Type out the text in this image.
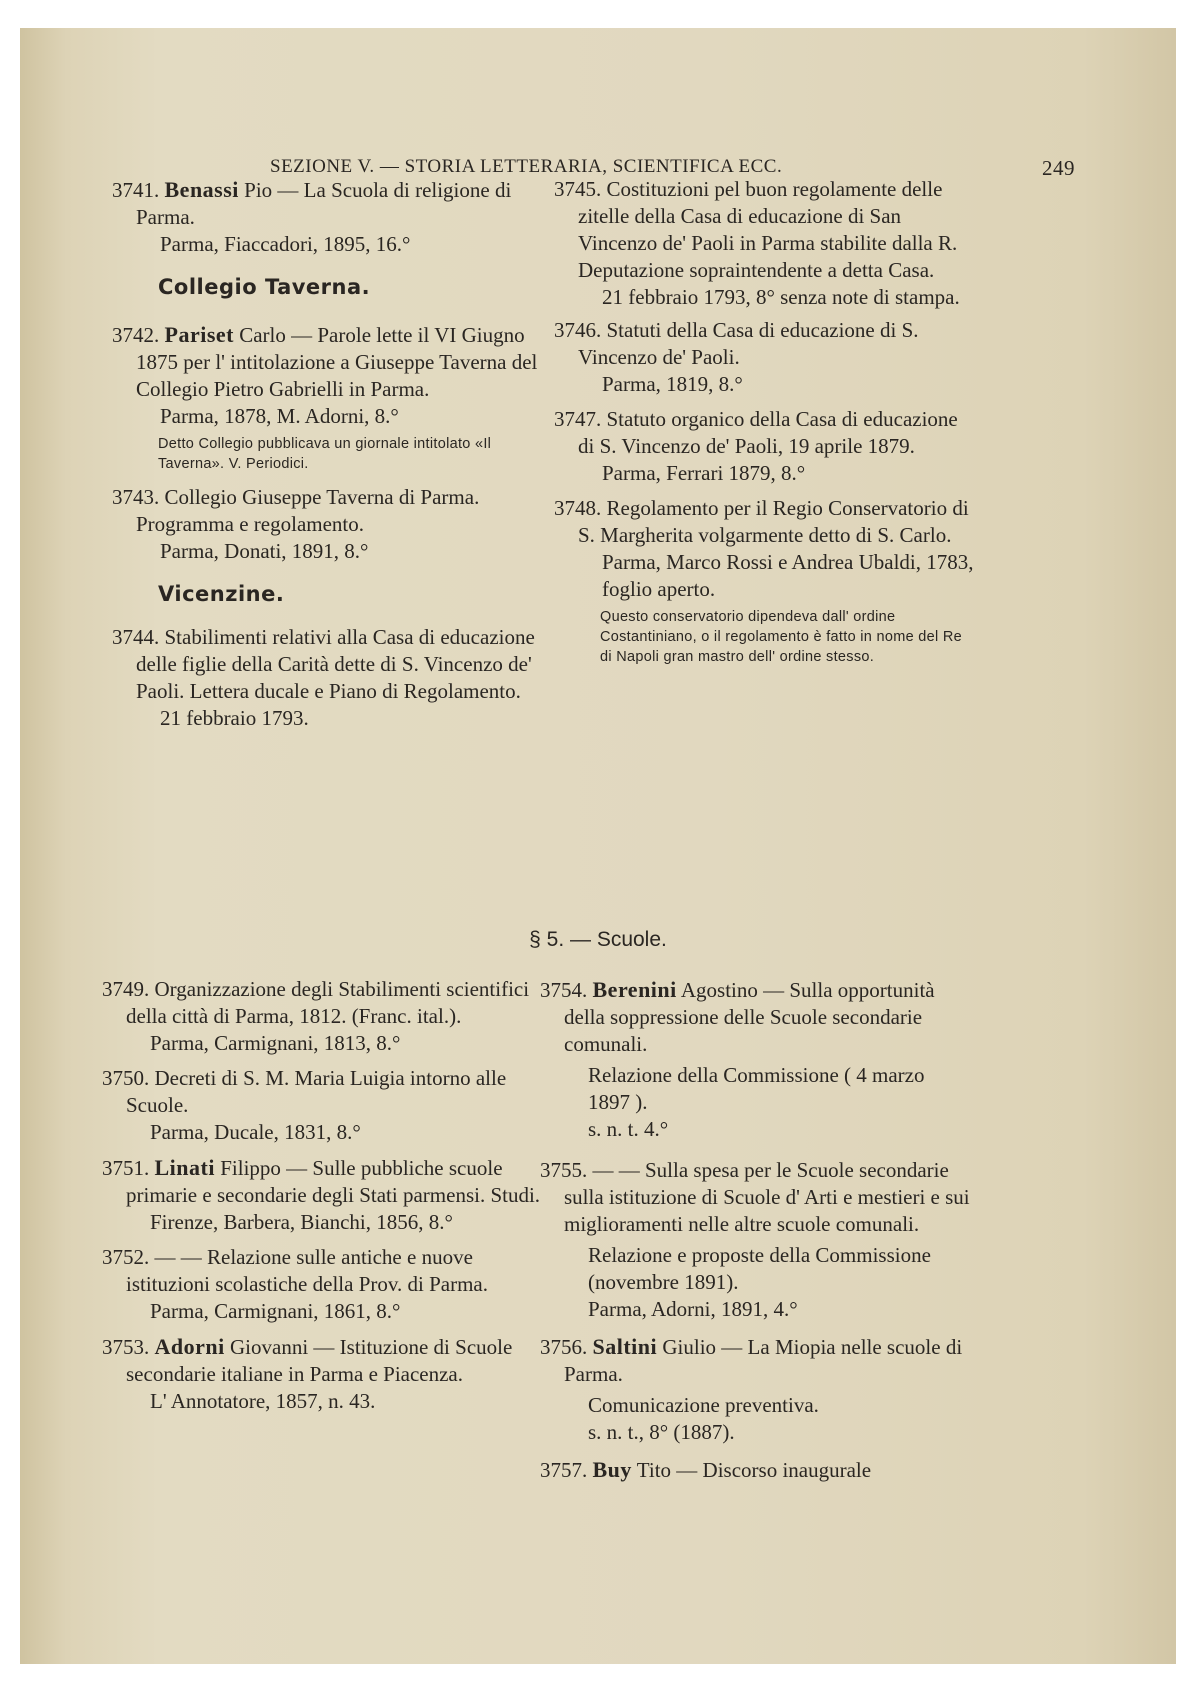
SEZIONE V. — STORIA LETTERARIA, SCIENTIFICA ECC.	249
3741. Benassi Pio — La Scuola di religione di Parma.
Parma, Fiaccadori, 1895, 16.°
Collegio Taverna.
3742. Pariset Carlo — Parole lette il VI Giugno 1875 per l' intitolazione a Giuseppe Taverna del Collegio Pietro Gabrielli in Parma.
Parma, 1878, M. Adorni, 8.°
Detto Collegio pubblicava un giornale intitolato «Il Taverna». V. Periodici.
3743. Collegio Giuseppe Taverna di Parma. Programma e regolamento.
Parma, Donati, 1891, 8.°
Vicenzine.
3744. Stabilimenti relativi alla Casa di educazione delle figlie della Carità dette di S. Vincenzo de' Paoli. Lettera ducale e Piano di Regolamento.
21 febbraio 1793.
3745. Costituzioni pel buon regolamente delle zitelle della Casa di educazione di San Vincenzo de' Paoli in Parma stabilite dalla R. Deputazione sopraintendente a detta Casa.
21 febbraio 1793, 8° senza note di stampa.
3746. Statuti della Casa di educazione di S. Vincenzo de' Paoli.
Parma, 1819, 8.°
3747. Statuto organico della Casa di educazione di S. Vincenzo de' Paoli, 19 aprile 1879.
Parma, Ferrari 1879, 8.°
3748. Regolamento per il Regio Conservatorio di S. Margherita volgarmente detto di S. Carlo.
Parma, Marco Rossi e Andrea Ubaldi, 1783, foglio aperto.
Questo conservatorio dipendeva dall' ordine Costantiniano, o il regolamento è fatto in nome del Re di Napoli gran mastro dell' ordine stesso.
§ 5. — Scuole.
3749. Organizzazione degli Stabilimenti scientifici della città di Parma, 1812. (Franc. ital.).
Parma, Carmignani, 1813, 8.°
3750. Decreti di S. M. Maria Luigia intorno alle Scuole.
Parma, Ducale, 1831, 8.°
3751. Linati Filippo — Sulle pubbliche scuole primarie e secondarie degli Stati parmensi. Studi.
Firenze, Barbera, Bianchi, 1856, 8.°
3752. — — Relazione sulle antiche e nuove istituzioni scolastiche della Prov. di Parma.
Parma, Carmignani, 1861, 8.°
3753. Adorni Giovanni — Istituzione di Scuole secondarie italiane in Parma e Piacenza.
L' Annotatore, 1857, n. 43.
3754. Berenini Agostino — Sulla opportunità della soppressione delle Scuole secondarie comunali.
Relazione della Commissione ( 4 marzo 1897 ).
s. n. t. 4.°
3755. — — Sulla spesa per le Scuole secondarie sulla istituzione di Scuole d' Arti e mestieri e sui miglioramenti nelle altre scuole comunali.
Relazione e proposte della Commissione (novembre 1891).
Parma, Adorni, 1891, 4.°
3756. Saltini Giulio — La Miopia nelle scuole di Parma.
Comunicazione preventiva.
s. n. t., 8° (1887).
3757. Buy Tito — Discorso inaugurale
